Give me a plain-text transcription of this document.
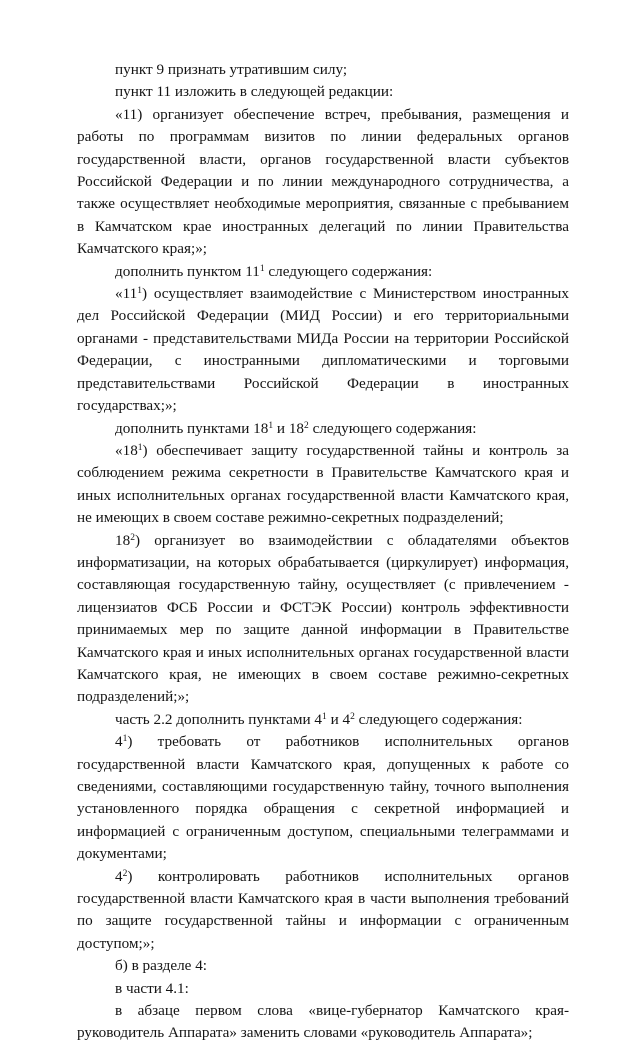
пункт 9 признать утратившим силу;

пункт 11 изложить в следующей редакции:

«11) организует обеспечение встреч, пребывания, размещения и работы по программам визитов по линии федеральных органов государственной власти, органов государственной власти субъектов Российской Федерации и по линии международного сотрудничества, а также осуществляет необходимые мероприятия, связанные с пребыванием в Камчатском крае иностранных делегаций по линии Правительства Камчатского края;»;

дополнить пунктом $11^1$ следующего содержания:

«$11^1$) осуществляет взаимодействие с Министерством иностранных дел Российской Федерации (МИД России) и его территориальными органами - представительствами МИДа России на территории Российской Федерации, с иностранными дипломатическими и торговыми представительствами Российской Федерации в иностранных государствах;»;

дополнить пунктами $18^1$ и $18^2$ следующего содержания:

«$18^1$) обеспечивает защиту государственной тайны и контроль за соблюдением режима секретности в Правительстве Камчатского края и иных исполнительных органах государственной власти Камчатского края, не имеющих в своем составе режимно-секретных подразделений;

$18^2$) организует во взаимодействии с обладателями объектов информатизации, на которых обрабатывается (циркулирует) информация, составляющая государственную тайну, осуществляет (с привлечением - лицензиатов ФСБ России и ФСТЭК России) контроль эффективности принимаемых мер по защите данной информации в Правительстве Камчатского края и иных исполнительных органах государственной власти Камчатского края, не имеющих в своем составе режимно-секретных подразделений;»;

часть 2.2 дополнить пунктами $4^1$ и $4^2$ следующего содержания:

$4^1$) требовать от работников исполнительных органов государственной власти Камчатского края, допущенных к работе со сведениями, составляющими государственную тайну, точного выполнения установленного порядка обращения с секретной информацией и информацией с ограниченным доступом, специальными телеграммами и документами;

$4^2$) контролировать работников исполнительных органов государственной власти Камчатского края в части выполнения требований по защите государственной тайны и информации с ограниченным доступом;»;

б) в разделе 4:

в части 4.1:

в абзаце первом слова «вице-губернатор Камчатского края-руководитель Аппарата» заменить словами «руководитель Аппарата»;
